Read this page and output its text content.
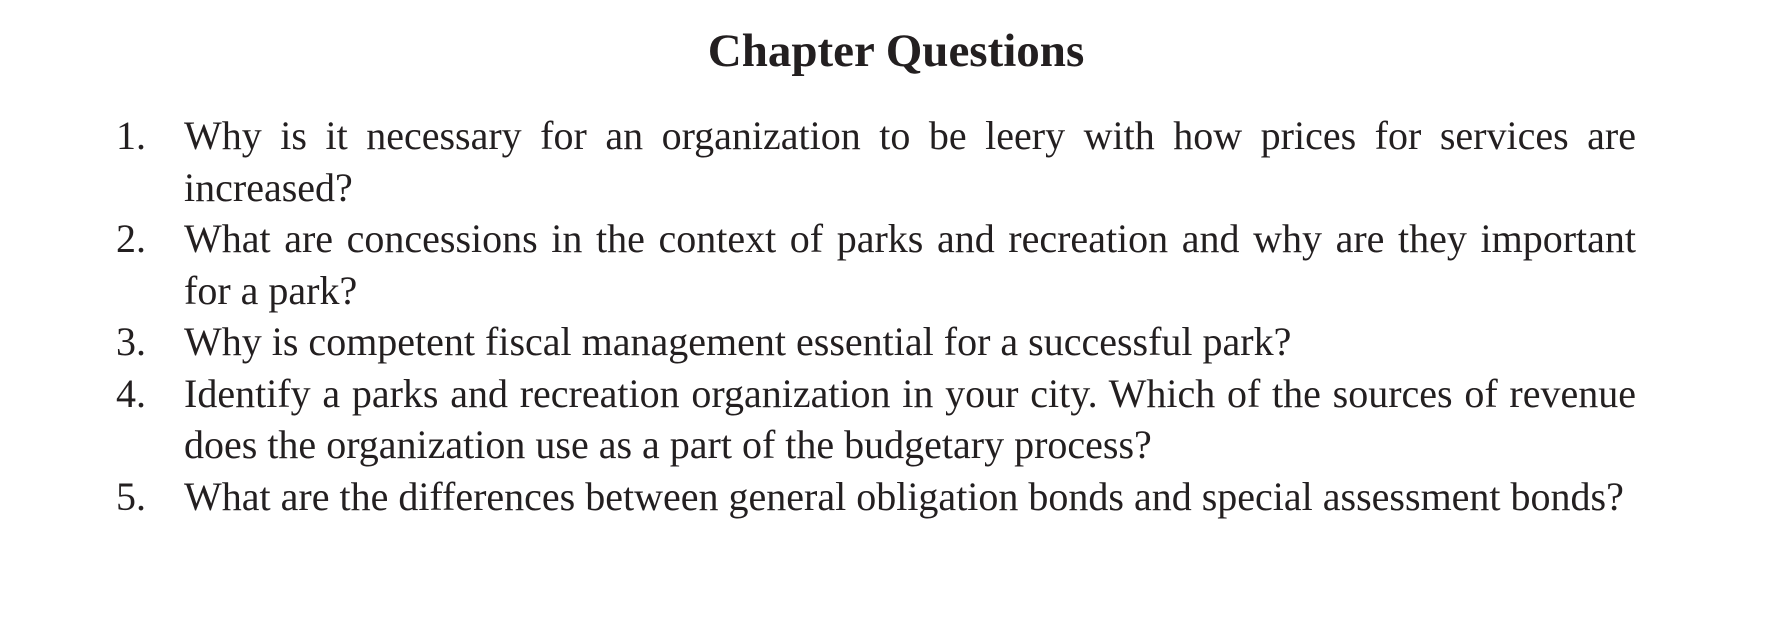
Chapter Questions
1. Why is it necessary for an organization to be leery with how prices for services are increased?
2. What are concessions in the context of parks and recreation and why are they important for a park?
3. Why is competent fiscal management essential for a successful park?
4. Identify a parks and recreation organization in your city. Which of the sources of revenue does the organization use as a part of the budgetary process?
5. What are the differences between general obligation bonds and special assessment bonds?
